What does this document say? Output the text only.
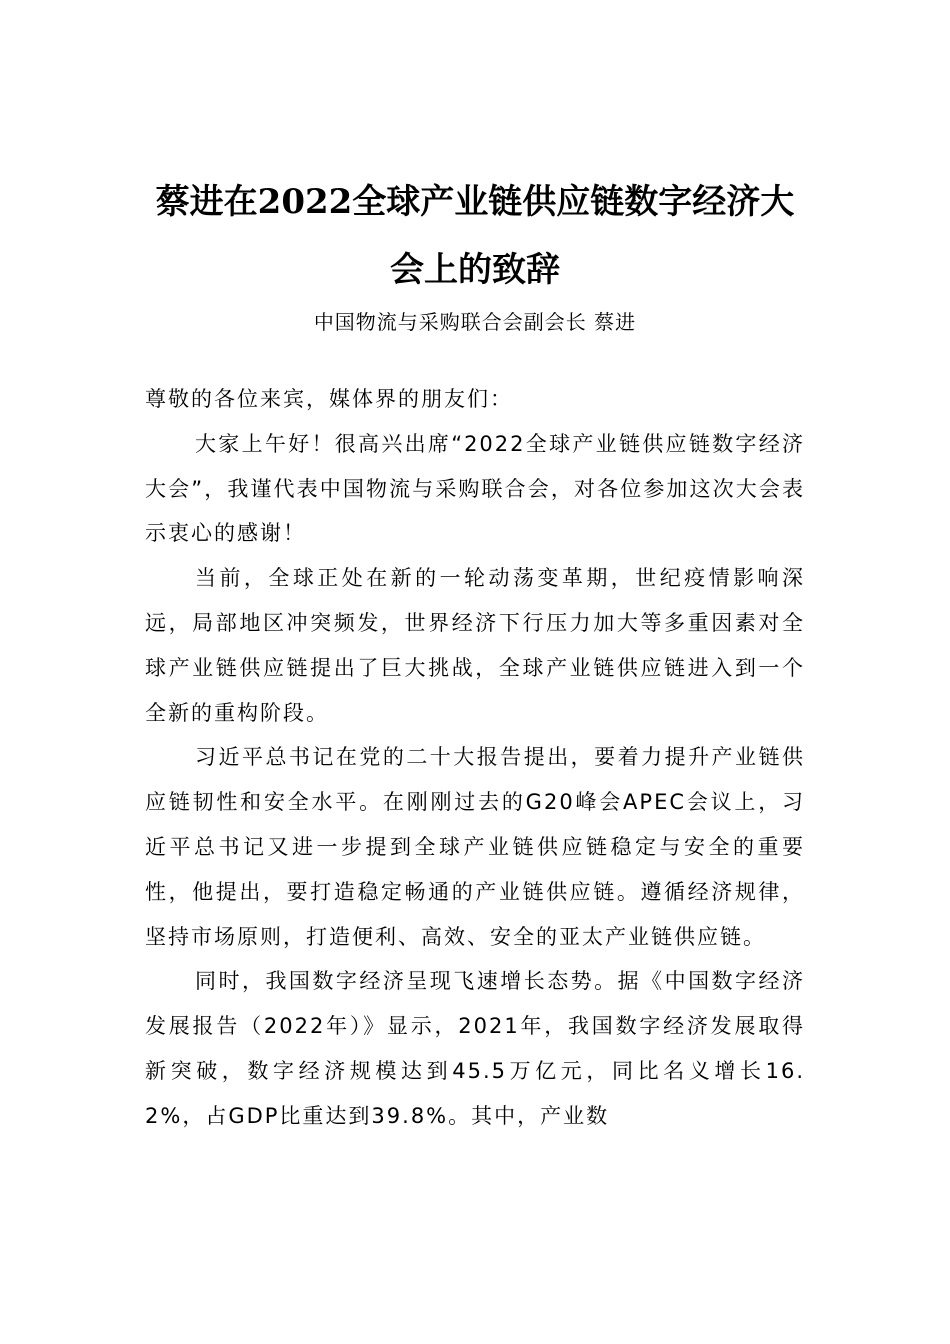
蔡进在2022全球产业链供应链数字经济大会上的致辞
中国物流与采购联合会副会长 蔡进

尊敬的各位来宾，媒体界的朋友们：

大家上午好！很高兴出席“2022全球产业链供应链数字经济大会”，我谨代表中国物流与采购联合会，对各位参加这次大会表示衷心的感谢！

当前，全球正处在新的一轮动荡变革期，世纪疫情影响深远，局部地区冲突频发，世界经济下行压力加大等多重因素对全球产业链供应链提出了巨大挑战，全球产业链供应链进入到一个全新的重构阶段。

习近平总书记在党的二十大报告提出，要着力提升产业链供应链韧性和安全水平。在刚刚过去的G20峰会APEC会议上，习近平总书记又进一步提到全球产业链供应链稳定与安全的重要性，他提出，要打造稳定畅通的产业链供应链。遵循经济规律，坚持市场原则，打造便利、高效、安全的亚太产业链供应链。

同时，我国数字经济呈现飞速增长态势。据《中国数字经济发展报告（2022年）》显示，2021年，我国数字经济发展取得新突破，数字经济规模达到45.5万亿元，同比名义增长16.2%，占GDP比重达到39.8%。其中，产业数
